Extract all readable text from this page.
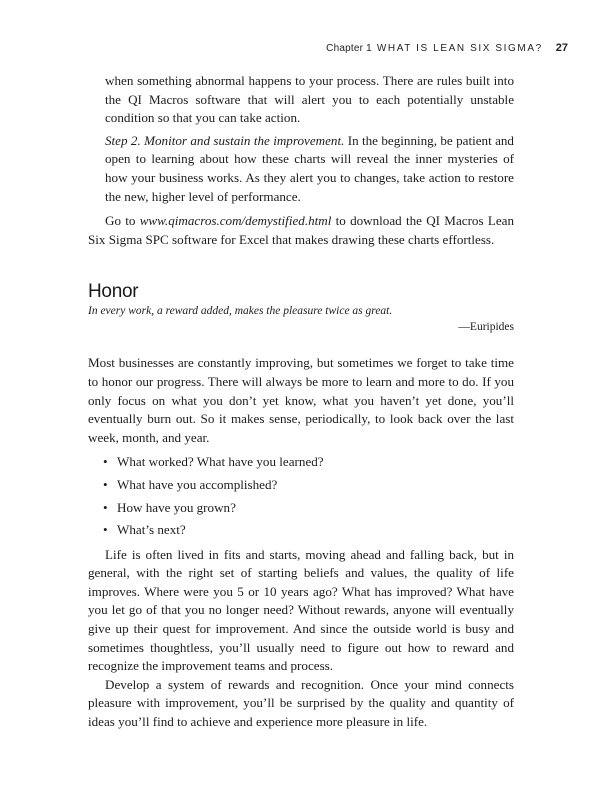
Chapter 1 WHAT IS LEAN SIX SIGMA? 27

when something abnormal happens to your process. There are rules built into the QI Macros software that will alert you to each potentially unstable condition so that you can take action.

Step 2. Monitor and sustain the improvement. In the beginning, be patient and open to learning about how these charts will reveal the inner mysteries of how your business works. As they alert you to changes, take action to restore the new, higher level of performance.

Go to www.qimacros.com/demystified.html to download the QI Macros Lean Six Sigma SPC software for Excel that makes drawing these charts effortless.

Honor

In every work, a reward added, makes the pleasure twice as great.

—Euripides

Most businesses are constantly improving, but sometimes we forget to take time to honor our progress. There will always be more to learn and more to do. If you only focus on what you don’t yet know, what you haven’t yet done, you’ll eventually burn out. So it makes sense, periodically, to look back over the last week, month, and year.

• What worked? What have you learned?
• What have you accomplished?
• How have you grown?
• What’s next?

Life is often lived in fits and starts, moving ahead and falling back, but in general, with the right set of starting beliefs and values, the quality of life improves. Where were you 5 or 10 years ago? What has improved? What have you let go of that you no longer need? Without rewards, anyone will eventually give up their quest for improvement. And since the outside world is busy and sometimes thoughtless, you’ll usually need to figure out how to reward and recognize the improvement teams and process.

Develop a system of rewards and recognition. Once your mind connects pleasure with improvement, you’ll be surprised by the quality and quantity of ideas you’ll find to achieve and experience more pleasure in life.
